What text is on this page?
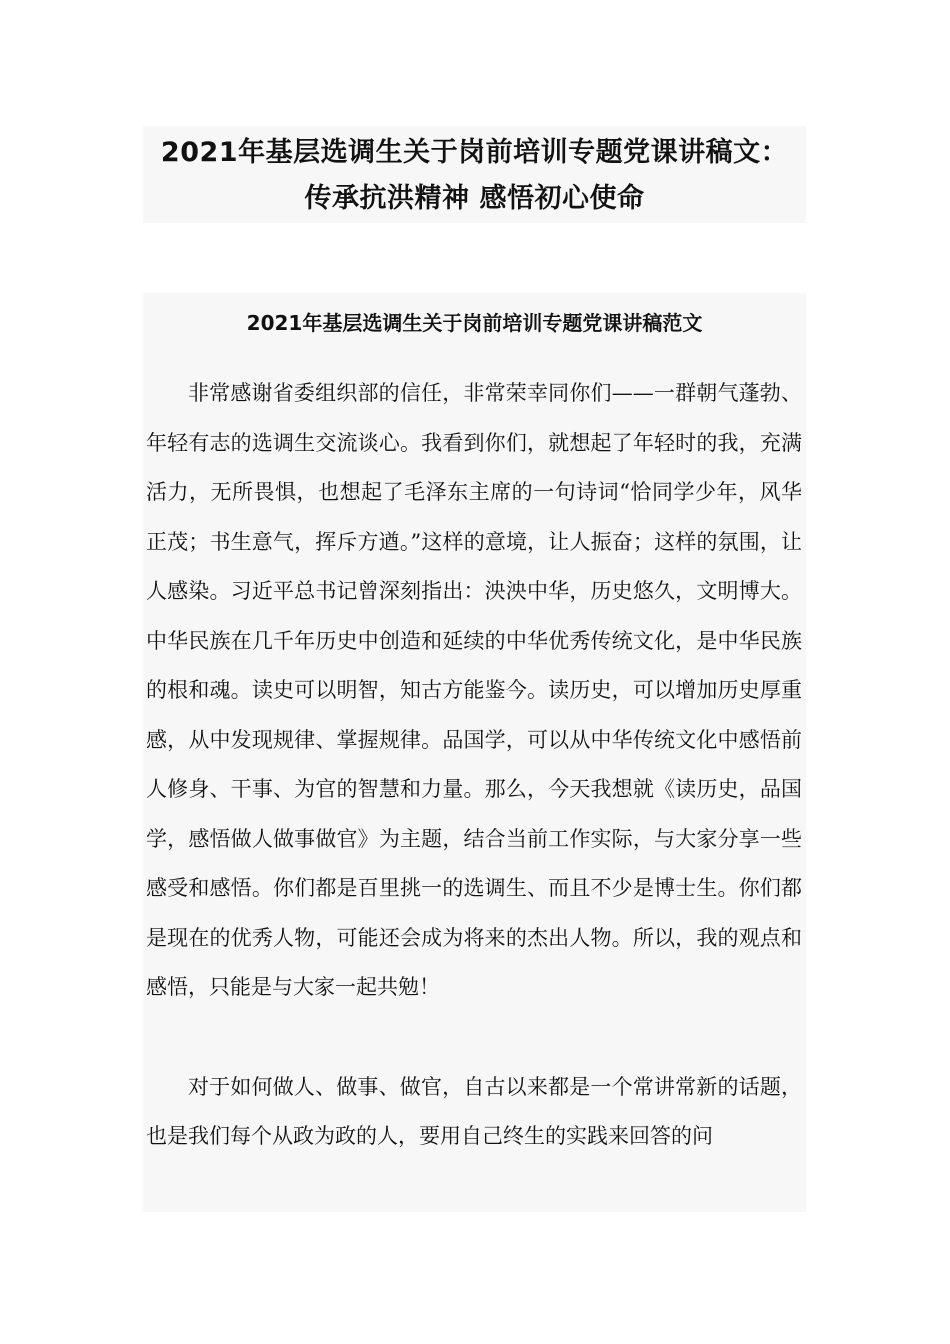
2021年基层选调生关于岗前培训专题党课讲稿文：
传承抗洪精神 感悟初心使命
2021年基层选调生关于岗前培训专题党课讲稿范文

非常感谢省委组织部的信任，非常荣幸同你们——一群朝气蓬勃、年轻有志的选调生交流谈心。我看到你们，就想起了年轻时的我，充满活力，无所畏惧，也想起了毛泽东主席的一句诗词“恰同学少年，风华正茂；书生意气，挥斥方遒。”这样的意境，让人振奋；这样的氛围，让人感染。习近平总书记曾深刻指出：泱泱中华，历史悠久，文明博大。中华民族在几千年历史中创造和延续的中华优秀传统文化，是中华民族的根和魂。读史可以明智，知古方能鉴今。读历史，可以增加历史厚重感，从中发现规律、掌握规律。品国学，可以从中华传统文化中感悟前人修身、干事、为官的智慧和力量。那么，今天我想就《读历史，品国学，感悟做人做事做官》为主题，结合当前工作实际，与大家分享一些感受和感悟。你们都是百里挑一的选调生、而且不少是博士生。你们都是现在的优秀人物，可能还会成为将来的杰出人物。所以，我的观点和感悟，只能是与大家一起共勉！

对于如何做人、做事、做官，自古以来都是一个常讲常新的话题，也是我们每个从政为政的人，要用自己终生的实践来回答的问
